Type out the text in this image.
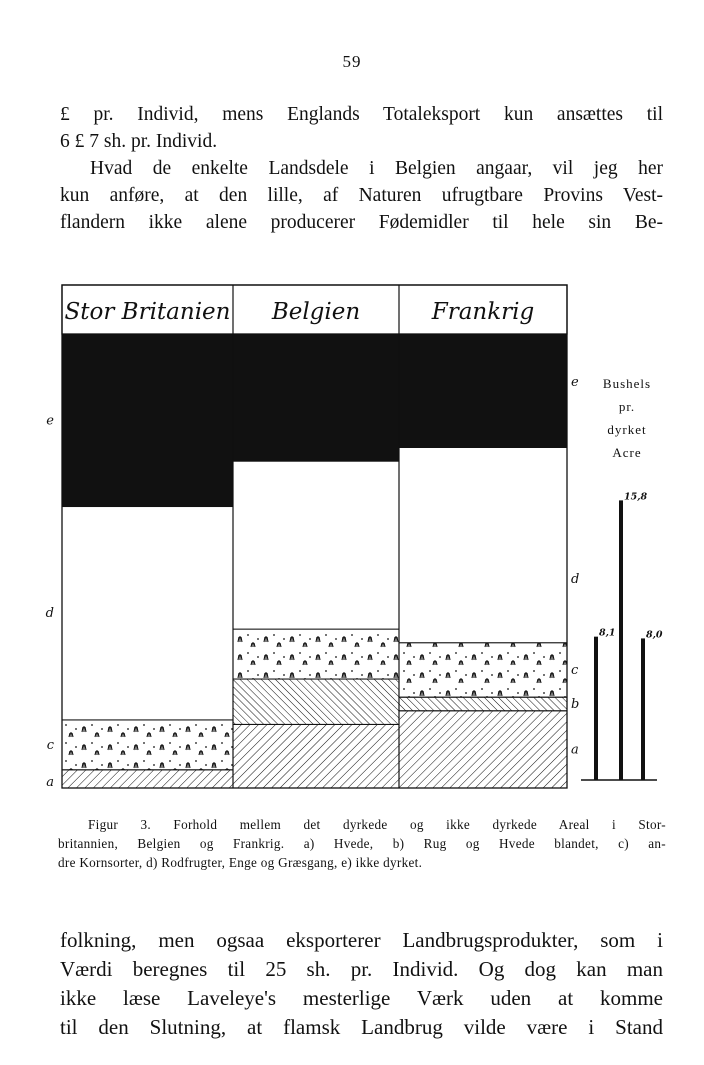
59

£ pr. Individ, mens Englands Totaleksport kun ansættes til
6 £ 7 sh. pr. Individ.

Hvad de enkelte Landsdele i Belgien angaar, vil jeg her
kun anføre, at den lille, af Naturen ufrugtbare Provins Vest-
flandern ikke alene producerer Fødemidler til hele sin Be-

Stor Britanien Belgien	Frankrig
e
d
c
a
e
d
c
b
a
Bushels
pr.
dyrket
Acre
8,1
15,8
8,0

Figur 3. Forhold mellem det dyrkede og ikke dyrkede Areal i Stor-
britannien, Belgien og Frankrig. a) Hvede, b) Rug og Hvede blandet, c) an-
dre Kornsorter, d) Rodfrugter, Enge og Græsgang, e) ikke dyrket.

folkning, men ogsaa eksporterer Landbrugsprodukter, som i
Værdi beregnes til 25 sh. pr. Individ. Og dog kan man
ikke læse Laveleye's mesterlige Værk uden at komme
til den Slutning, at flamsk Landbrug vilde være i Stand
